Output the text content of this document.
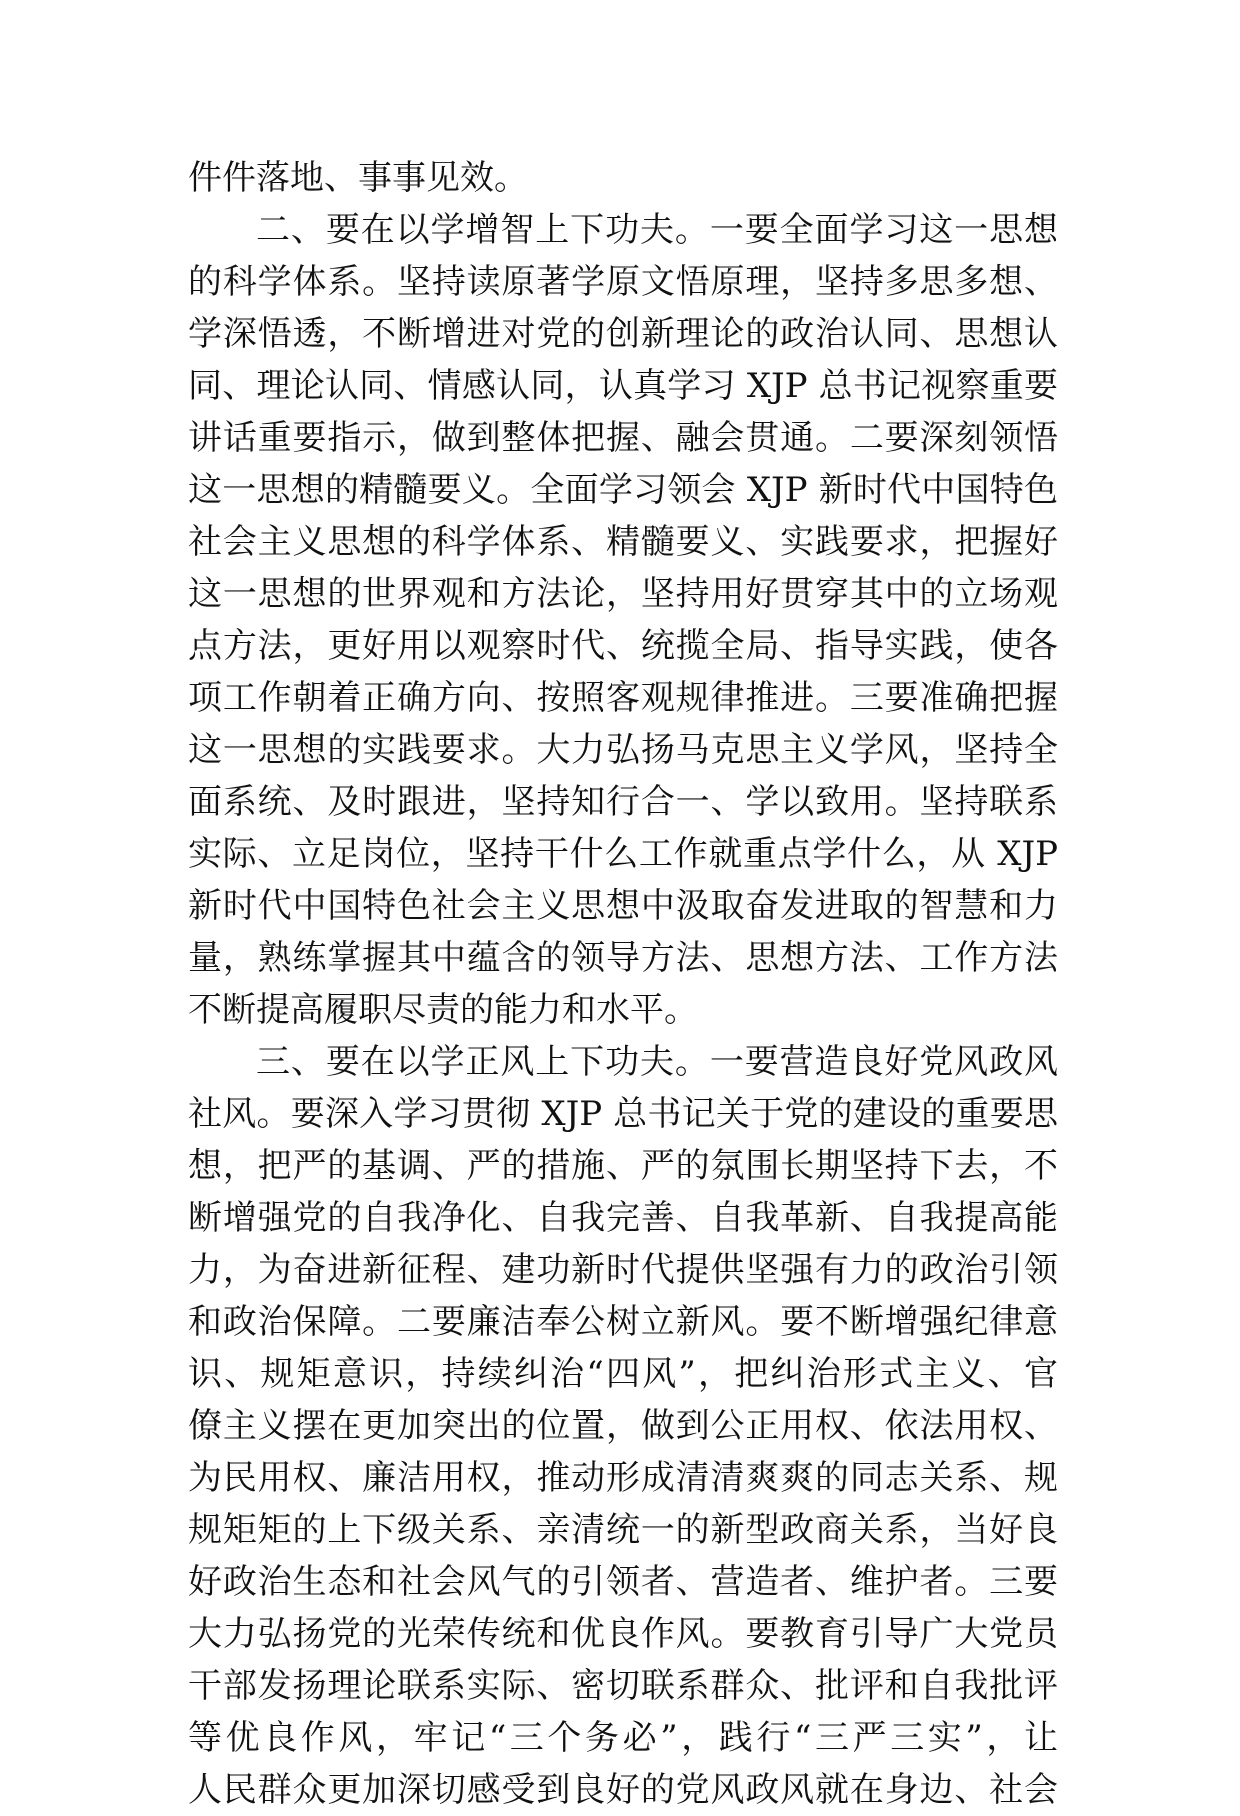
件件落地、事事见效。
二、要在以学增智上下功夫。一要全面学习这一思想
的科学体系。坚持读原著学原文悟原理，坚持多思多想、
学深悟透，不断增进对党的创新理论的政治认同、思想认
同、理论认同、情感认同，认真学习 XJP 总书记视察重要
讲话重要指示，做到整体把握、融会贯通。二要深刻领悟
这一思想的精髓要义。全面学习领会 XJP 新时代中国特色
社会主义思想的科学体系、精髓要义、实践要求，把握好
这一思想的世界观和方法论，坚持用好贯穿其中的立场观
点方法，更好用以观察时代、统揽全局、指导实践，使各
项工作朝着正确方向、按照客观规律推进。三要准确把握
这一思想的实践要求。大力弘扬马克思主义学风，坚持全
面系统、及时跟进，坚持知行合一、学以致用。坚持联系
实际、立足岗位，坚持干什么工作就重点学什么，从 XJP
新时代中国特色社会主义思想中汲取奋发进取的智慧和力
量，熟练掌握其中蕴含的领导方法、思想方法、工作方法
不断提高履职尽责的能力和水平。
三、要在以学正风上下功夫。一要营造良好党风政风
社风。要深入学习贯彻 XJP 总书记关于党的建设的重要思
想，把严的基调、严的措施、严的氛围长期坚持下去，不
断增强党的自我净化、自我完善、自我革新、自我提高能
力，为奋进新征程、建功新时代提供坚强有力的政治引领
和政治保障。二要廉洁奉公树立新风。要不断增强纪律意
识、规矩意识，持续纠治“四风”，把纠治形式主义、官
僚主义摆在更加突出的位置，做到公正用权、依法用权、
为民用权、廉洁用权，推动形成清清爽爽的同志关系、规
规矩矩的上下级关系、亲清统一的新型政商关系，当好良
好政治生态和社会风气的引领者、营造者、维护者。三要
大力弘扬党的光荣传统和优良作风。要教育引导广大党员
干部发扬理论联系实际、密切联系群众、批评和自我批评
等优良作风，牢记“三个务必”，践行“三严三实”，让
人民群众更加深切感受到良好的党风政风就在身边、社会
